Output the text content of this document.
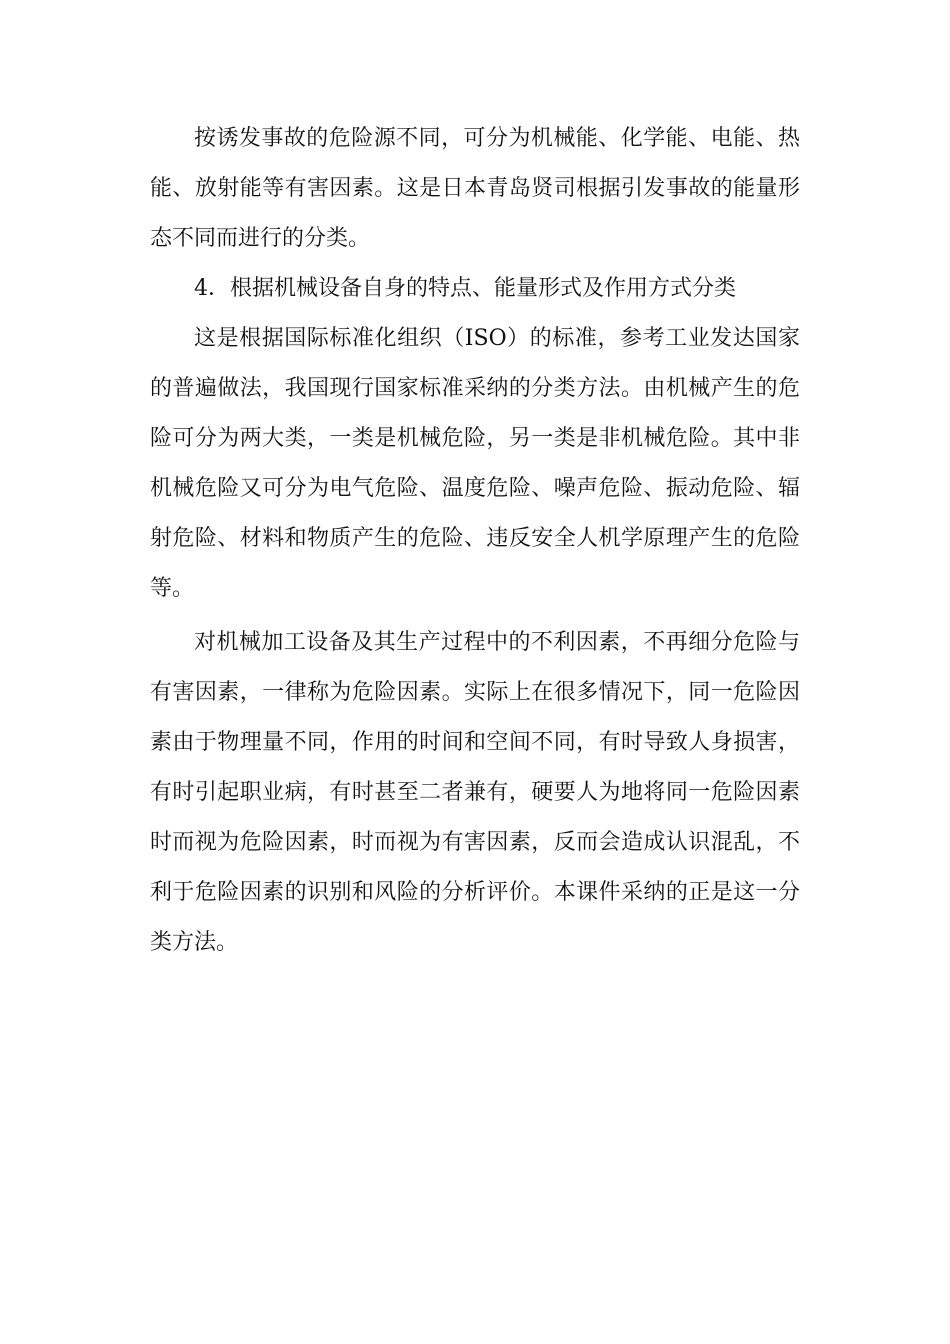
按诱发事故的危险源不同，可分为机械能、化学能、电能、热能、放射能等有害因素。这是日本青岛贤司根据引发事故的能量形态不同而进行的分类。

4．根据机械设备自身的特点、能量形式及作用方式分类

这是根据国际标准化组织（ISO）的标准，参考工业发达国家的普遍做法，我国现行国家标准采纳的分类方法。由机械产生的危险可分为两大类，一类是机械危险，另一类是非机械危险。其中非机械危险又可分为电气危险、温度危险、噪声危险、振动危险、辐射危险、材料和物质产生的危险、违反安全人机学原理产生的危险等。

对机械加工设备及其生产过程中的不利因素，不再细分危险与有害因素，一律称为危险因素。实际上在很多情况下，同一危险因素由于物理量不同，作用的时间和空间不同，有时导致人身损害，有时引起职业病，有时甚至二者兼有，硬要人为地将同一危险因素时而视为危险因素，时而视为有害因素，反而会造成认识混乱，不利于危险因素的识别和风险的分析评价。本课件采纳的正是这一分类方法。
